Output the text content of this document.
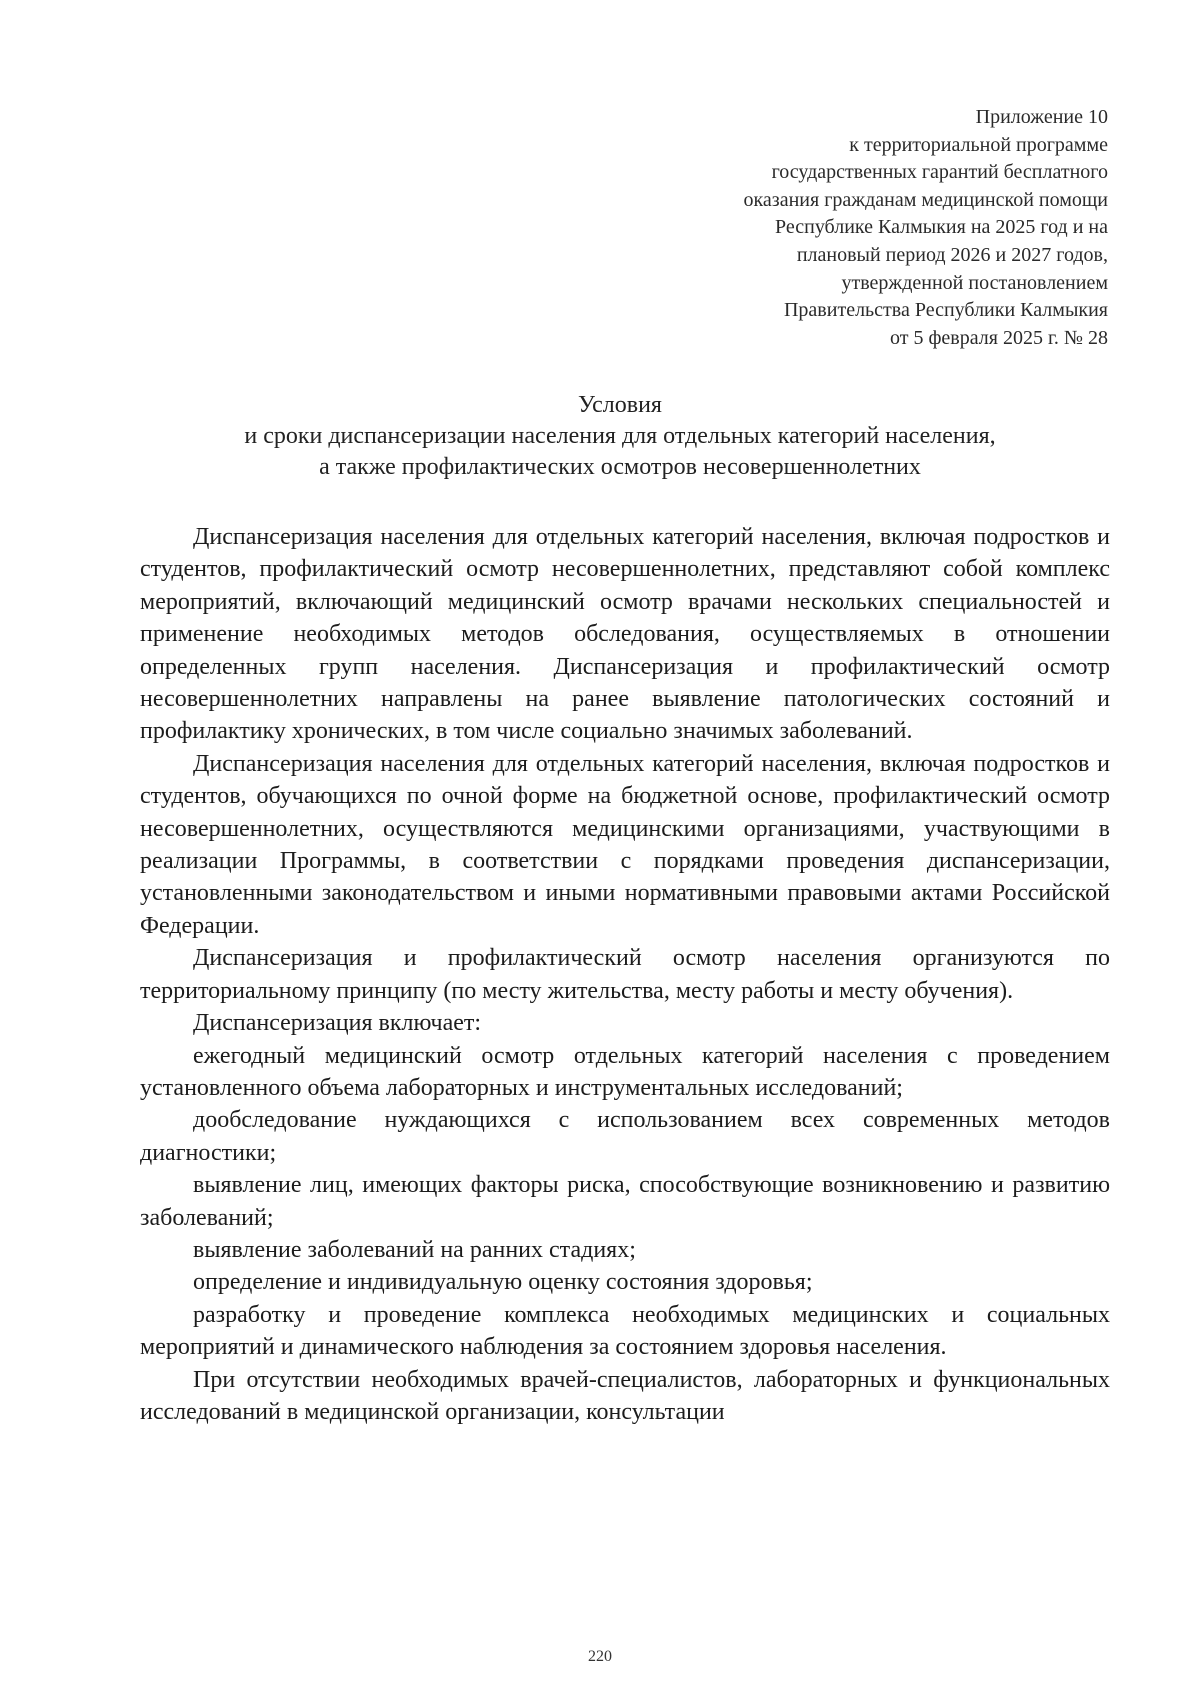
Приложение 10
к территориальной программе
государственных гарантий бесплатного
оказания гражданам медицинской помощи
Республике Калмыкия на 2025 год и на
плановый период 2026 и 2027 годов,
утвержденной постановлением
Правительства Республики Калмыкия
от 5 февраля 2025 г. № 28
Условия
и сроки диспансеризации населения для отдельных категорий населения,
а также профилактических осмотров несовершеннолетних

Диспансеризация населения для отдельных категорий населения, включая подростков и студентов, профилактический осмотр несовершеннолетних, представляют собой комплекс мероприятий, включающий медицинский осмотр врачами нескольких специальностей и применение необходимых методов обследования, осуществляемых в отношении определенных групп населения. Диспансеризация и профилактический осмотр несовершеннолетних направлены на ранее выявление патологических состояний и профилактику хронических, в том числе социально значимых заболеваний.

Диспансеризация населения для отдельных категорий населения, включая подростков и студентов, обучающихся по очной форме на бюджетной основе, профилактический осмотр несовершеннолетних, осуществляются медицинскими организациями, участвующими в реализации Программы, в соответствии с порядками проведения диспансеризации, установленными законодательством и иными нормативными правовыми актами Российской Федерации.

Диспансеризация и профилактический осмотр населения организуются по территориальному принципу (по месту жительства, месту работы и месту обучения).

Диспансеризация включает:

ежегодный медицинский осмотр отдельных категорий населения с проведением установленного объема лабораторных и инструментальных исследований;

дообследование нуждающихся с использованием всех современных методов диагностики;

выявление лиц, имеющих факторы риска, способствующие возникновению и развитию заболеваний;

выявление заболеваний на ранних стадиях;

определение и индивидуальную оценку состояния здоровья;

разработку и проведение комплекса необходимых медицинских и социальных мероприятий и динамического наблюдения за состоянием здоровья населения.

При отсутствии необходимых врачей-специалистов, лабораторных и функциональных исследований в медицинской организации, консультации

220
